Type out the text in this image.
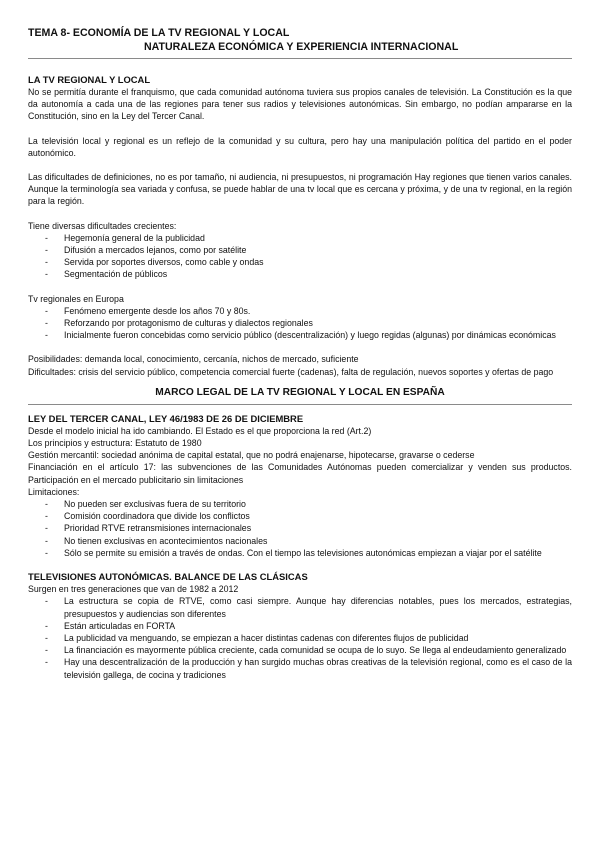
TEMA 8- ECONOMÍA DE LA TV REGIONAL Y LOCAL
NATURALEZA ECONÓMICA Y EXPERIENCIA INTERNACIONAL
LA TV REGIONAL Y LOCAL

No se permitía durante el franquismo, que cada comunidad autónoma tuviera sus propios canales de televisión. La Constitución es la que da autonomía a cada una de las regiones para tener sus radios y televisiones autonómicas. Sin embargo, no podían ampararse en la Constitución, sino en la Ley del Tercer Canal.

La televisión local y regional es un reflejo de la comunidad y su cultura, pero hay una manipulación política del partido en el poder autonómico.

Las dificultades de definiciones, no es por tamaño, ni audiencia, ni presupuestos, ni programación Hay regiones que tienen varios canales. Aunque la terminología sea variada y confusa, se puede hablar de una tv local que es cercana y próxima, y de una tv regional, en la región para la región.

Tiene diversas dificultades crecientes:

- Hegemonía general de la publicidad
- Difusión a mercados lejanos, como por satélite
- Servida por soportes diversos, como cable y ondas
- Segmentación de públicos

Tv regionales en Europa

- Fenómeno emergente desde los años 70 y 80s.
- Reforzando por protagonismo de culturas y dialectos regionales
- Inicialmente fueron concebidas como servicio público (descentralización) y luego regidas (algunas) por dinámicas económicas

Posibilidades: demanda local, conocimiento, cercanía, nichos de mercado, suficiente

Dificultades: crisis del servicio público, competencia comercial fuerte (cadenas), falta de regulación, nuevos soportes y ofertas de pago

MARCO LEGAL DE LA TV REGIONAL Y LOCAL EN ESPAÑA
LEY DEL TERCER CANAL, LEY 46/1983 DE 26 DE DICIEMBRE

Desde el modelo inicial ha ido cambiando. El Estado es el que proporciona la red (Art.2)

Los principios y estructura: Estatuto de 1980

Gestión mercantil: sociedad anónima de capital estatal, que no podrá enajenarse, hipotecarse, gravarse o cederse

Financiación en el artículo 17: las subvenciones de las Comunidades Autónomas pueden comercializar y venden sus productos. Participación en el mercado publicitario sin limitaciones

Limitaciones:

- No pueden ser exclusivas fuera de su territorio
- Comisión coordinadora que divide los conflictos
- Prioridad RTVE retransmisiones internacionales
- No tienen exclusivas en acontecimientos nacionales
- Sólo se permite su emisión a través de ondas. Con el tiempo las televisiones autonómicas empiezan a viajar por el satélite
TELEVISIONES AUTONÓMICAS. BALANCE DE LAS CLÁSICAS

Surgen en tres generaciones que van de 1982 a 2012

- La estructura se copia de RTVE, como casi siempre. Aunque hay diferencias notables, pues los mercados, estrategias, presupuestos y audiencias son diferentes
- Están articuladas en FORTA
- La publicidad va menguando, se empiezan a hacer distintas cadenas con diferentes flujos de publicidad
- La financiación es mayormente pública creciente, cada comunidad se ocupa de lo suyo. Se llega al endeudamiento generalizado
- Hay una descentralización de la producción y han surgido muchas obras creativas de la televisión regional, como es el caso de la televisión gallega, de cocina y tradiciones
